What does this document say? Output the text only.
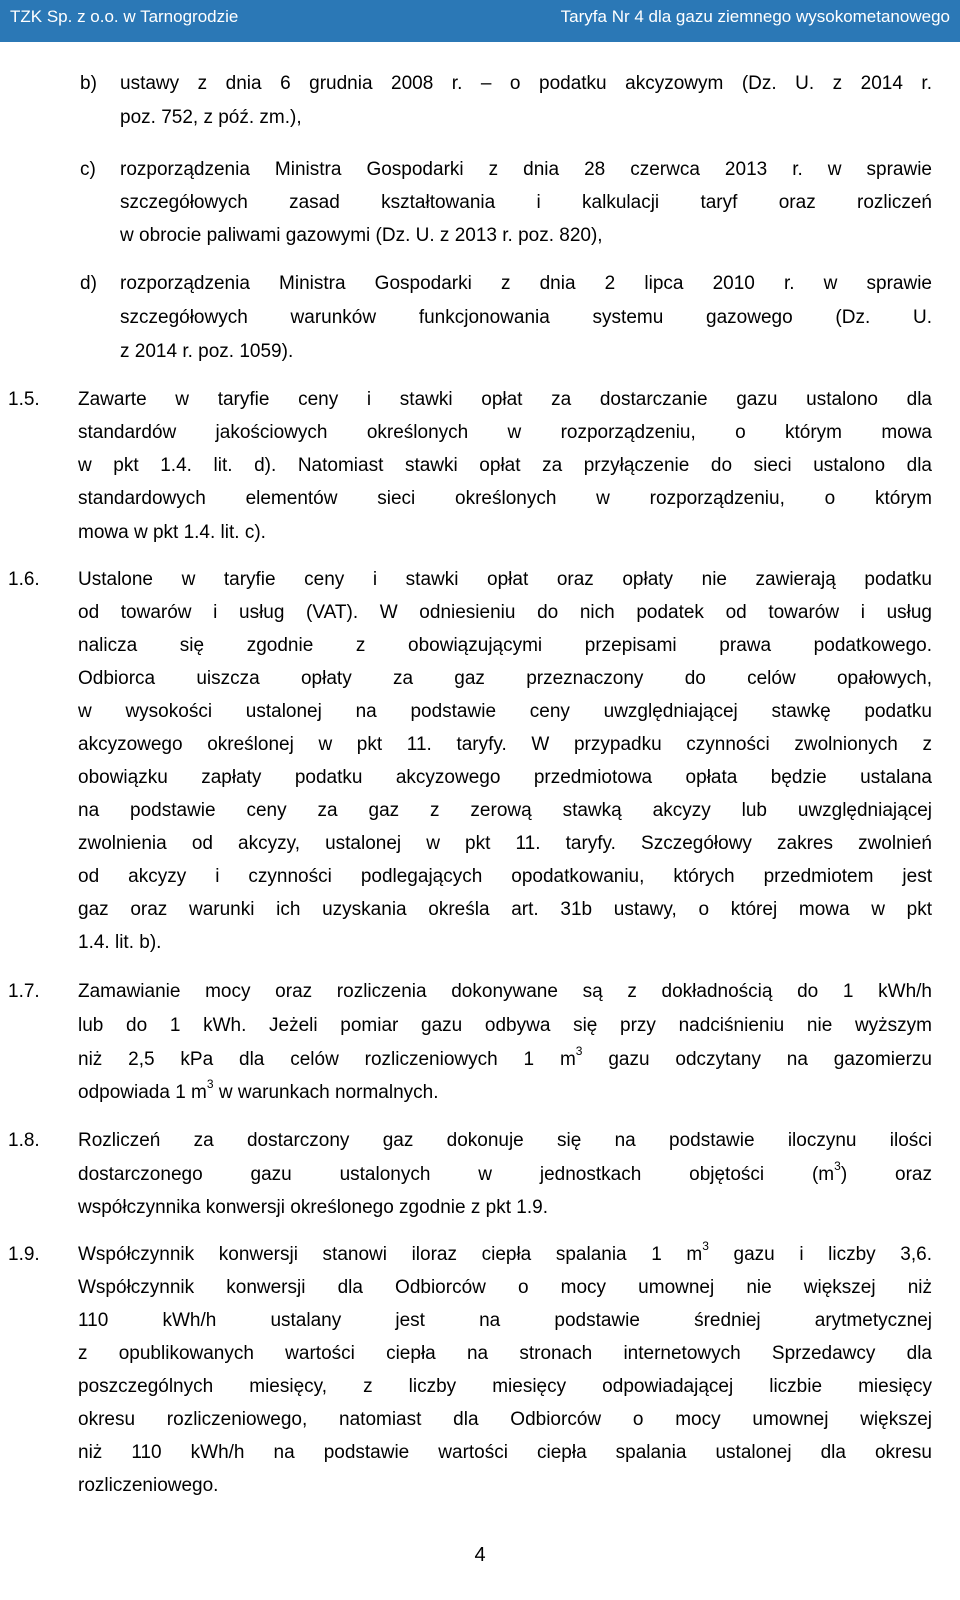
TZK Sp. z o.o. w Tarnogrodzie	Taryfa Nr 4 dla gazu ziemnego wysokometanowego
b) ustawy z dnia 6 grudnia 2008 r. – o podatku akcyzowym (Dz. U. z 2014 r.
poz. 752, z póź. zm.),
c) rozporządzenia Ministra Gospodarki z dnia 28 czerwca 2013 r. w sprawie
szczegółowych zasad kształtowania i kalkulacji taryf oraz rozliczeń
w obrocie paliwami gazowymi (Dz. U. z 2013 r. poz. 820),
d) rozporządzenia Ministra Gospodarki z dnia 2 lipca 2010 r. w sprawie
szczegółowych warunków funkcjonowania systemu gazowego (Dz. U.
z 2014 r. poz. 1059).
1.5. Zawarte w taryfie ceny i stawki opłat za dostarczanie gazu ustalono dla
standardów jakościowych określonych w rozporządzeniu, o którym mowa
w pkt 1.4. lit. d). Natomiast stawki opłat za przyłączenie do sieci ustalono dla
standardowych elementów sieci określonych w rozporządzeniu, o którym
mowa w pkt 1.4. lit. c).
1.6. Ustalone w taryfie ceny i stawki opłat oraz opłaty nie zawierają podatku
od towarów i usług (VAT). W odniesieniu do nich podatek od towarów i usług
nalicza się zgodnie z obowiązującymi przepisami prawa podatkowego.
Odbiorca uiszcza opłaty za gaz przeznaczony do celów opałowych,
w wysokości ustalonej na podstawie ceny uwzględniającej stawkę podatku
akcyzowego określonej w pkt 11. taryfy. W przypadku czynności zwolnionych z
obowiązku zapłaty podatku akcyzowego przedmiotowa opłata będzie ustalana
na podstawie ceny za gaz z zerową stawką akcyzy lub uwzględniającej
zwolnienia od akcyzy, ustalonej w pkt 11. taryfy. Szczegółowy zakres zwolnień
od akcyzy i czynności podlegających opodatkowaniu, których przedmiotem jest
gaz oraz warunki ich uzyskania określa art. 31b ustawy, o której mowa w pkt
1.4. lit. b).
1.7. Zamawianie mocy oraz rozliczenia dokonywane są z dokładnością do 1 kWh/h
lub do 1 kWh. Jeżeli pomiar gazu odbywa się przy nadciśnieniu nie wyższym
niż 2,5 kPa dla celów rozliczeniowych 1 $m^3$ gazu odczytany na gazomierzu
odpowiada 1 $m^3$ w warunkach normalnych.
1.8. Rozliczeń za dostarczony gaz dokonuje się na podstawie iloczynu ilości
dostarczonego gazu ustalonych w jednostkach objętości $(m^3)$ oraz
współczynnika konwersji określonego zgodnie z pkt 1.9.
1.9. Współczynnik konwersji stanowi iloraz ciepła spalania 1 $m^3$ gazu i liczby 3,6.
Współczynnik konwersji dla Odbiorców o mocy umownej nie większej niż
110 kWh/h ustalany jest na podstawie średniej arytmetycznej
z opublikowanych wartości ciepła na stronach internetowych Sprzedawcy dla
poszczególnych miesięcy, z liczby miesięcy odpowiadającej liczbie miesięcy
okresu rozliczeniowego, natomiast dla Odbiorców o mocy umownej większej
niż 110 kWh/h na podstawie wartości ciepła spalania ustalonej dla okresu
rozliczeniowego.
4
